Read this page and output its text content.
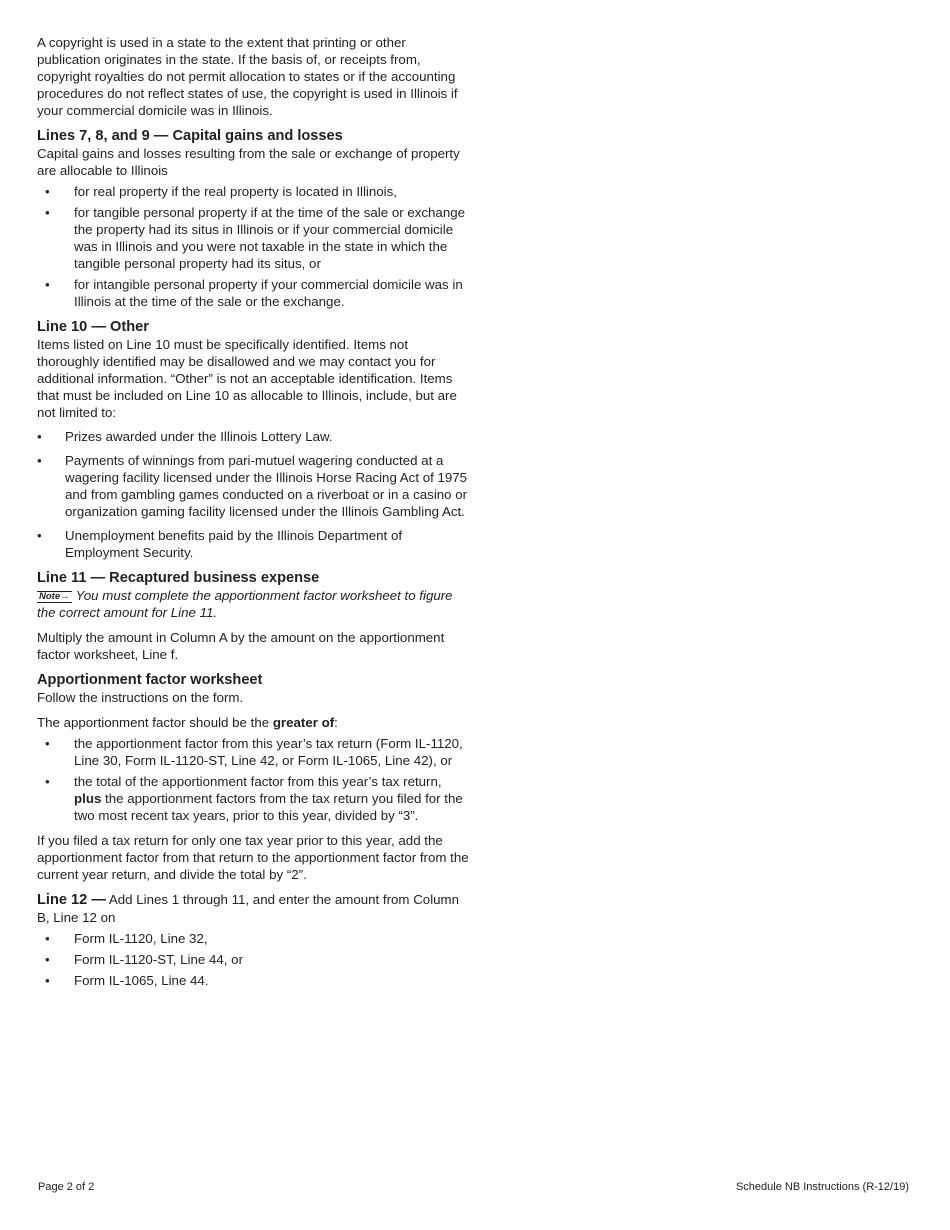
A copyright is used in a state to the extent that printing or other publication originates in the state. If the basis of, or receipts from, copyright royalties do not permit allocation to states or if the accounting procedures do not reflect states of use, the copyright is used in Illinois if your commercial domicile was in Illinois.

Lines 7, 8, and 9 — Capital gains and losses

Capital gains and losses resulting from the sale or exchange of property are allocable to Illinois

• for real property if the real property is located in Illinois,
• for tangible personal property if at the time of the sale or exchange the property had its situs in Illinois or if your commercial domicile was in Illinois and you were not taxable in the state in which the tangible personal property had its situs, or
• for intangible personal property if your commercial domicile was in Illinois at the time of the sale or the exchange.
Line 10 — Other

Items listed on Line 10 must be specifically identified. Items not thoroughly identified may be disallowed and we may contact you for additional information. “Other” is not an acceptable identification. Items that must be included on Line 10 as allocable to Illinois, include, but are not limited to:

• Prizes awarded under the Illinois Lottery Law.
• Payments of winnings from pari-mutuel wagering conducted at a wagering facility licensed under the Illinois Horse Racing Act of 1975 and from gambling games conducted on a riverboat or in a casino or organization gaming facility licensed under the Illinois Gambling Act.
• Unemployment benefits paid by the Illinois Department of Employment Security.
Line 11 — Recaptured business expense

Note→ You must complete the apportionment factor worksheet to figure the correct amount for Line 11.

Multiply the amount in Column A by the amount on the apportionment factor worksheet, Line f.

Apportionment factor worksheet

Follow the instructions on the form.

The apportionment factor should be the greater of:

• the apportionment factor from this year’s tax return (Form IL-1120, Line 30, Form IL-1120-ST, Line 42, or Form IL-1065, Line 42), or
• the total of the apportionment factor from this year’s tax return, plus the apportionment factors from the tax return you filed for the two most recent tax years, prior to this year, divided by “3”.

If you filed a tax return for only one tax year prior to this year, add the apportionment factor from that return to the apportionment factor from the current year return, and divide the total by “2”.

Line 12 — Add Lines 1 through 11, and enter the amount from Column B, Line 12 on

• Form IL-1120, Line 32,
• Form IL-1120-ST, Line 44, or
• Form IL-1065, Line 44.
Page 2 of 2	Schedule NB Instructions (R-12/19)
